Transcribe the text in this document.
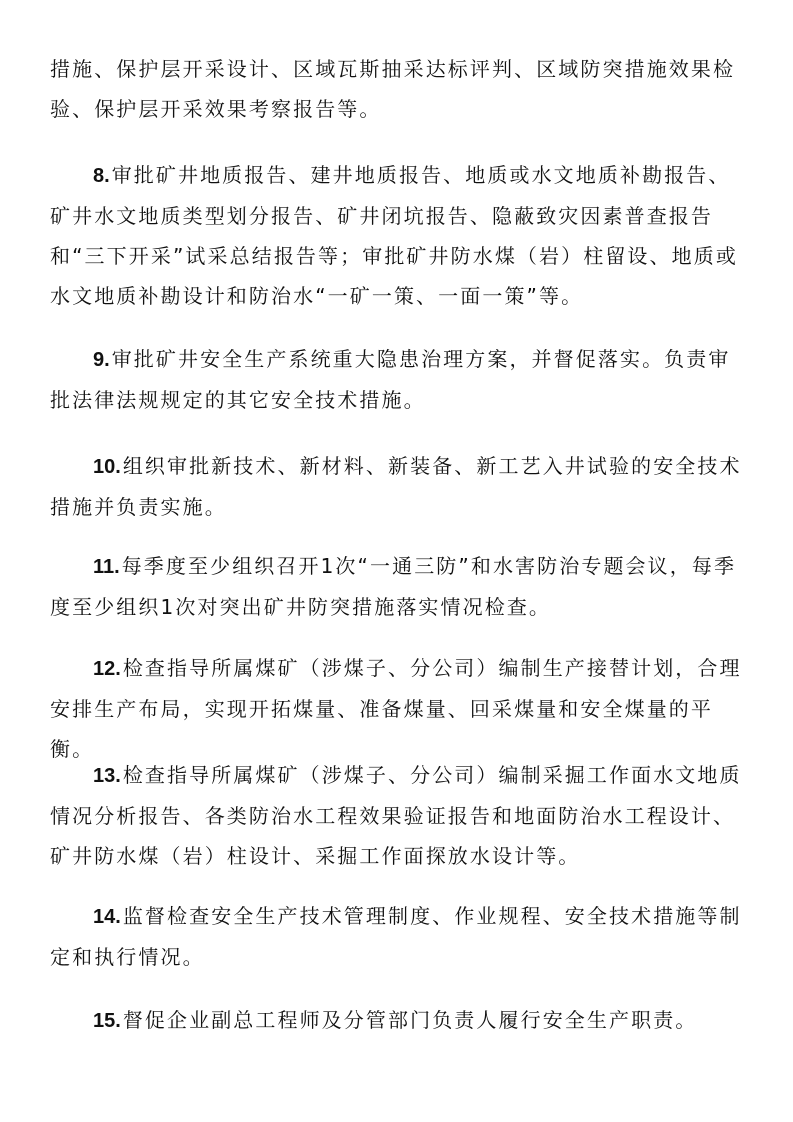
措施、保护层开采设计、区域瓦斯抽采达标评判、区域防突措施效果检验、保护层开采效果考察报告等。

8. 审批矿井地质报告、建井地质报告、地质或水文地质补勘报告、矿井水文地质类型划分报告、矿井闭坑报告、隐蔽致灾因素普查报告和“三下开采”试采总结报告等；审批矿井防水煤（岩）柱留设、地质或水文地质补勘设计和防治水“一矿一策、一面一策”等。

9. 审批矿井安全生产系统重大隐患治理方案，并督促落实。负责审批法律法规规定的其它安全技术措施。

10. 组织审批新技术、新材料、新装备、新工艺入井试验的安全技术措施并负责实施。

11. 每季度至少组织召开1次“一通三防”和水害防治专题会议，每季度至少组织1次对突出矿井防突措施落实情况检查。

12. 检查指导所属煤矿（涉煤子、分公司）编制生产接替计划，合理安排生产布局，实现开拓煤量、准备煤量、回采煤量和安全煤量的平衡。

13. 检查指导所属煤矿（涉煤子、分公司）编制采掘工作面水文地质情况分析报告、各类防治水工程效果验证报告和地面防治水工程设计、矿井防水煤（岩）柱设计、采掘工作面探放水设计等。

14. 监督检查安全生产技术管理制度、作业规程、安全技术措施等制定和执行情况。

15. 督促企业副总工程师及分管部门负责人履行安全生产职责。
